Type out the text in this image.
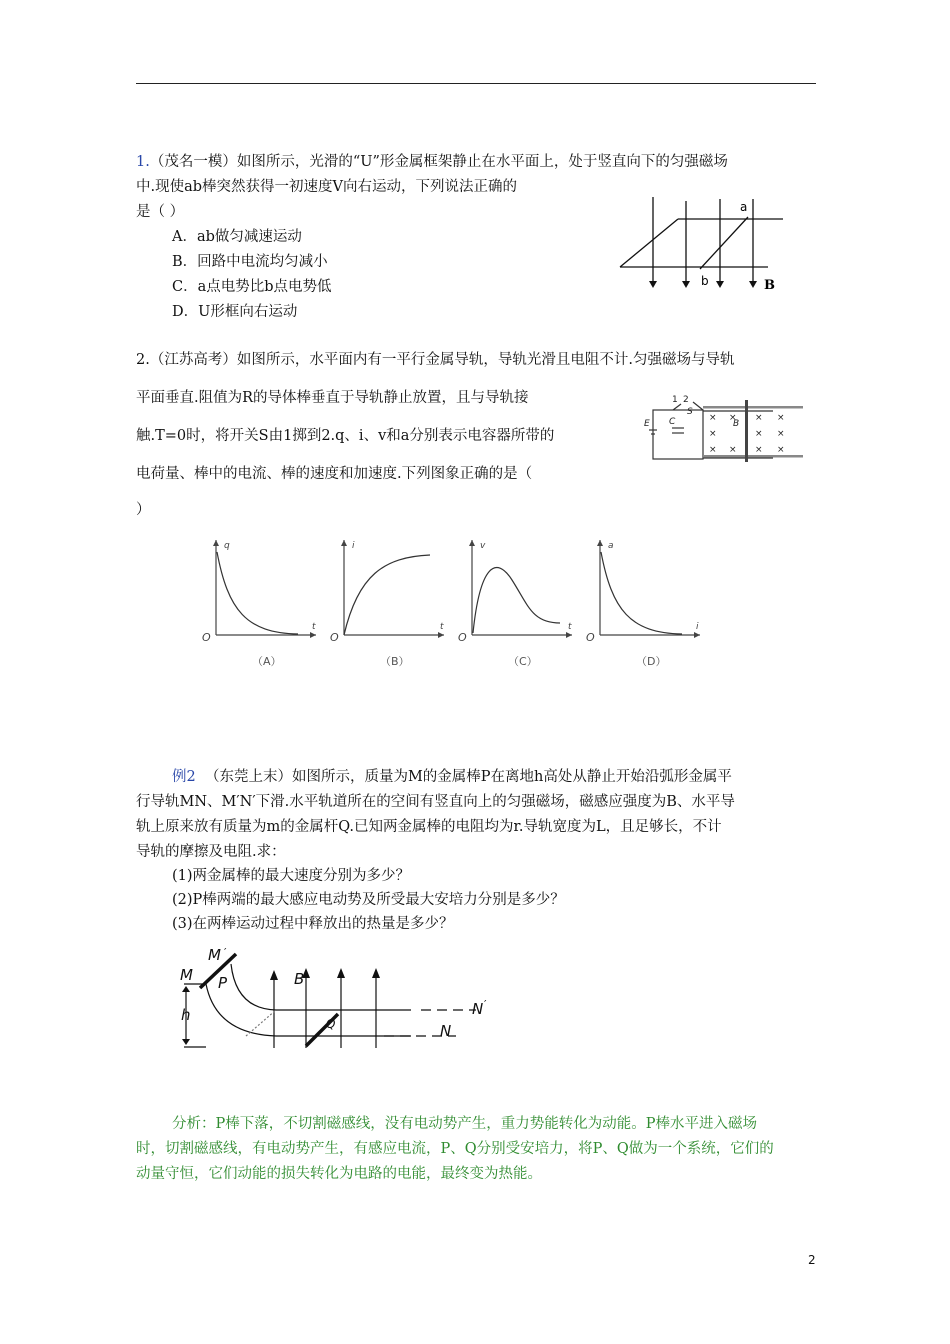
1.（茂名一模）如图所示，光滑的“U”形金属框架静止在水平面上，处于竖直向下的匀强磁场
中.现使ab棒突然获得一初速度V向右运动，下列说法正确的
是（ ）
A．ab做匀减速运动
B．回路中电流均匀减小
C．a点电势比b点电势低
D．U形框向右运动
a
b	B
2.（江苏高考）如图所示，水平面内有一平行金属导轨，导轨光滑且电阻不计.匀强磁场与导轨
平面垂直.阻值为R的导体棒垂直于导轨静止放置，且与导轨接
触.T=0时，将开关S由1掷到2.q、i、v和a分别表示电容器所带的
电荷量、棒中的电流、棒的速度和加速度.下列图象正确的是（
）
1 2
E C
S
B
× × × ×
×	× ×
× × × ×
q
t
O
（A）
i
t
O
（B）
v
t
O
（C）
a
i
O
（D）
例2 （东莞上末）如图所示，质量为M的金属棒P在离地h高处从静止开始沿弧形金属平
行导轨MN、M′N′下滑.水平轨道所在的空间有竖直向上的匀强磁场，磁感应强度为B、水平导
轨上原来放有质量为m的金属杆Q.已知两金属棒的电阻均为r.导轨宽度为L，且足够长，不计
导轨的摩擦及电阻.求：
(1)两金属棒的最大速度分别为多少？
(2)P棒两端的最大感应电动势及所受最大安培力分别是多少？
(3)在两棒运动过程中释放出的热量是多少？
M
M P
h
B
Q
N
N
′
′
分析：P棒下落，不切割磁感线，没有电动势产生，重力势能转化为动能。P棒水平进入磁场
时，切割磁感线，有电动势产生，有感应电流，P、Q分别受安培力，将P、Q做为一个系统，它们的
动量守恒，它们动能的损失转化为电路的电能，最终变为热能。
2
